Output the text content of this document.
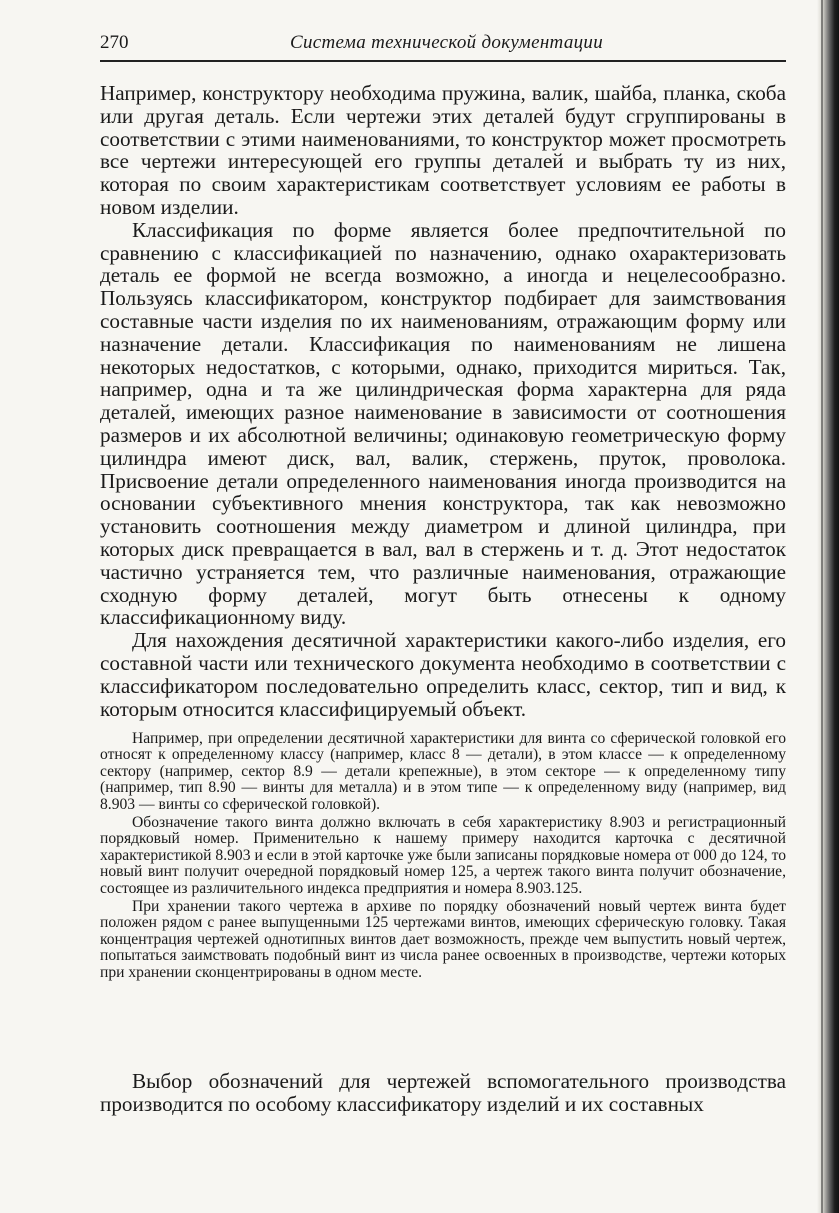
270	Система технической документации

Например, конструктору необходима пружина, валик, шайба, планка, скоба или другая деталь. Если чертежи этих деталей будут сгруппированы в соответствии с этими наименованиями, то конструктор может просмотреть все чертежи интересующей его группы деталей и выбрать ту из них, которая по своим характеристикам соответствует условиям ее работы в новом изделии.

Классификация по форме является более предпочтительной по сравнению с классификацией по назначению, однако охарактеризовать деталь ее формой не всегда возможно, а иногда и нецелесообразно. Пользуясь классификатором, конструктор подбирает для заимствования составные части изделия по их наименованиям, отражающим форму или назначение детали. Классификация по наименованиям не лишена некоторых недостатков, с которыми, однако, приходится мириться. Так, например, одна и та же цилиндрическая форма характерна для ряда деталей, имеющих разное наименование в зависимости от соотношения размеров и их абсолютной величины; одинаковую геометрическую форму цилиндра имеют диск, вал, валик, стержень, пруток, проволока. Присвоение детали определенного наименования иногда производится на основании субъективного мнения конструктора, так как невозможно установить соотношения между диаметром и длиной цилиндра, при которых диск превращается в вал, вал в стержень и т. д. Этот недостаток частично устраняется тем, что различные наименования, отражающие сходную форму деталей, могут быть отнесены к одному классификационному виду.

Для нахождения десятичной характеристики какого-либо изделия, его составной части или технического документа необходимо в соответствии с классификатором последовательно определить класс, сектор, тип и вид, к которым относится классифицируемый объект.

Например, при определении десятичной характеристики для винта со сферической головкой его относят к определенному классу (например, класс 8 — детали), в этом классе — к определенному сектору (например, сектор 8.9 — детали крепежные), в этом секторе — к определенному типу (например, тип 8.90 — винты для металла) и в этом типе — к определенному виду (например, вид 8.903 — винты со сферической головкой).

Обозначение такого винта должно включать в себя характеристику 8.903 и регистрационный порядковый номер. Применительно к нашему примеру находится карточка с десятичной характеристикой 8.903 и если в этой карточке уже были записаны порядковые номера от 000 до 124, то новый винт получит очередной порядковый номер 125, а чертеж такого винта получит обозначение, состоящее из различительного индекса предприятия и номера 8.903.125.

При хранении такого чертежа в архиве по порядку обозначений новый чертеж винта будет положен рядом с ранее выпущенными 125 чертежами винтов, имеющих сферическую головку. Такая концентрация чертежей однотипных винтов дает возможность, прежде чем выпустить новый чертеж, попытаться заимствовать подобный винт из числа ранее освоенных в производстве, чертежи которых при хранении сконцентрированы в одном месте.

Выбор обозначений для чертежей вспомогательного производства производится по особому классификатору изделий и их составных
